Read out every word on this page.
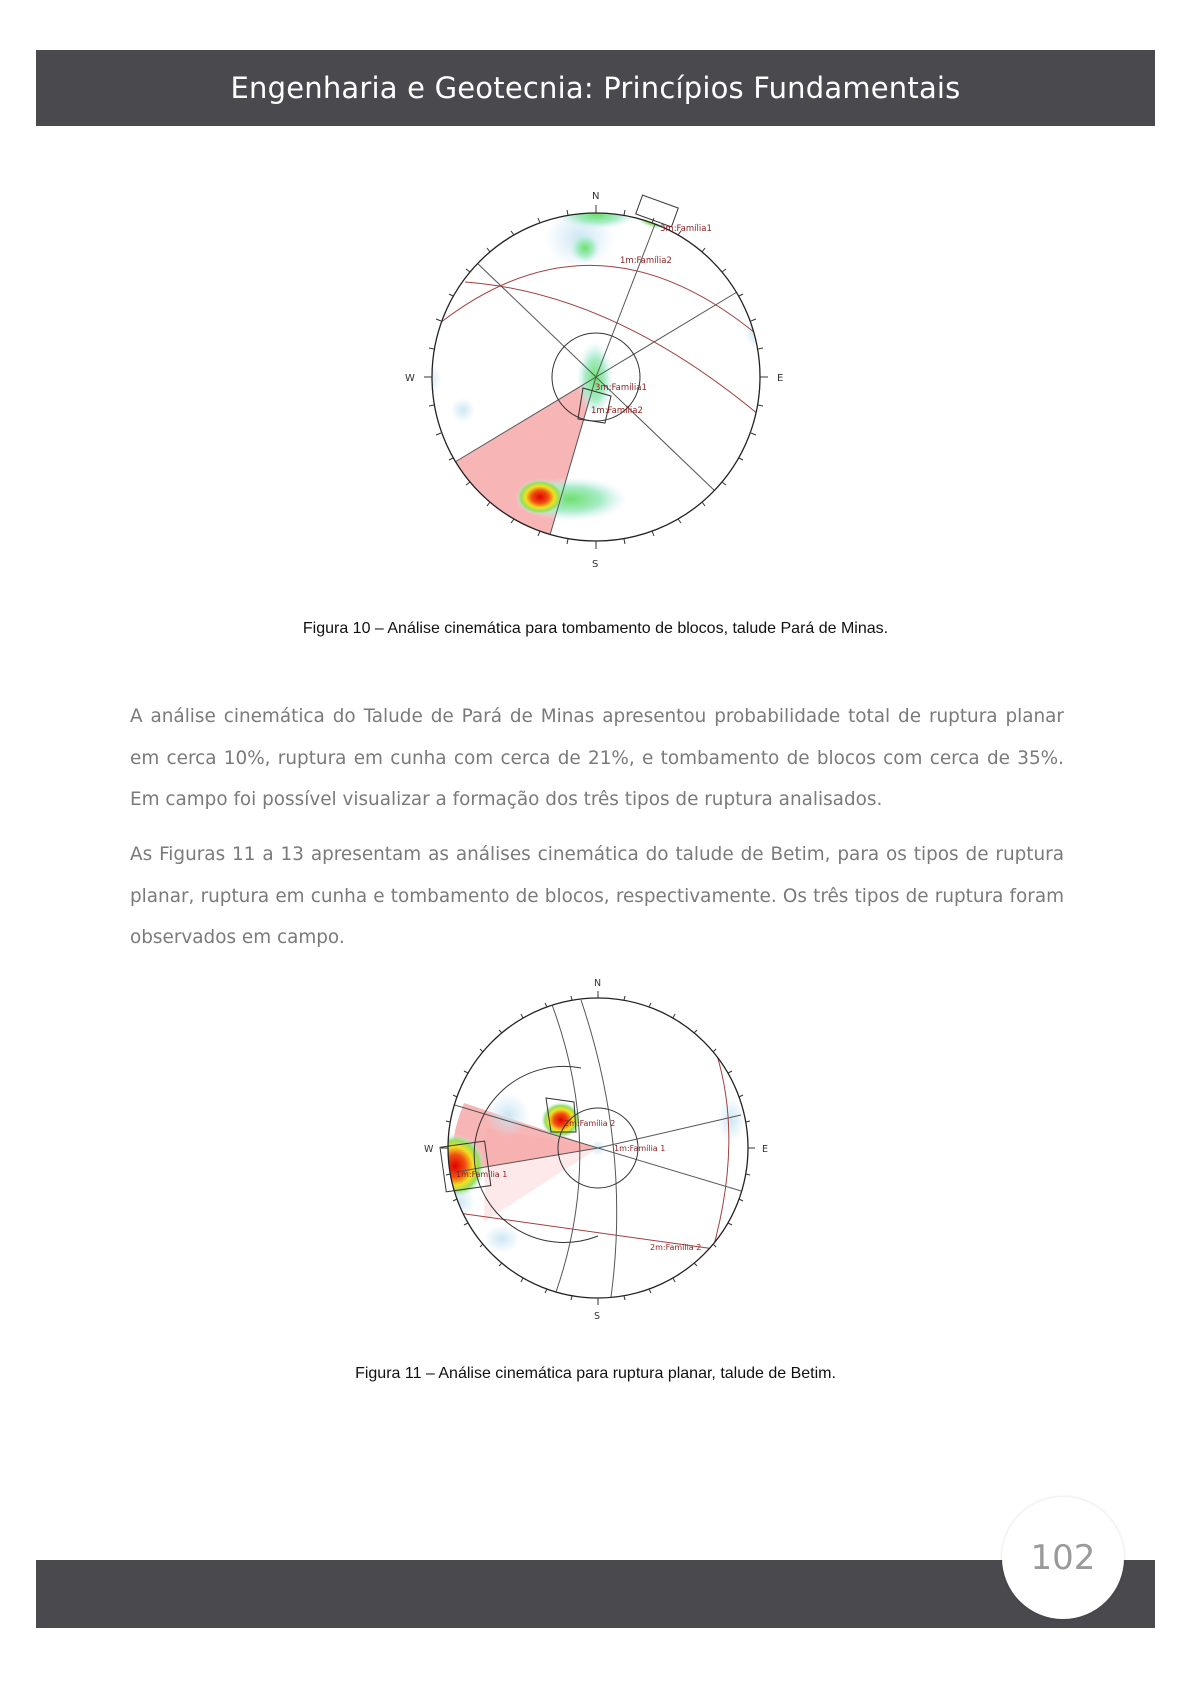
Engenharia e Geotecnia: Princípios Fundamentais
N
S
W	E
3m:Família1
1m:Família2
3m:Família1
1m:Família2
Figura 10 – Análise cinemática para tombamento de blocos, talude Pará de Minas.

A análise cinemática do Talude de Pará de Minas apresentou probabilidade total de ruptura planar em cerca 10%, ruptura em cunha com cerca de 21%, e tombamento de blocos com cerca de 35%. Em campo foi possível visualizar a formação dos três tipos de ruptura analisados.

As Figuras 11 a 13 apresentam as análises cinemática do talude de Betim, para os tipos de ruptura planar, ruptura em cunha e tombamento de blocos, respectivamente. Os três tipos de ruptura foram observados em campo.

N
S
W	E
2m:Família 2
1m:Família 1
1m:Família 1
2m:Família 2
Figura 11 – Análise cinemática para ruptura planar, talude de Betim.
102
